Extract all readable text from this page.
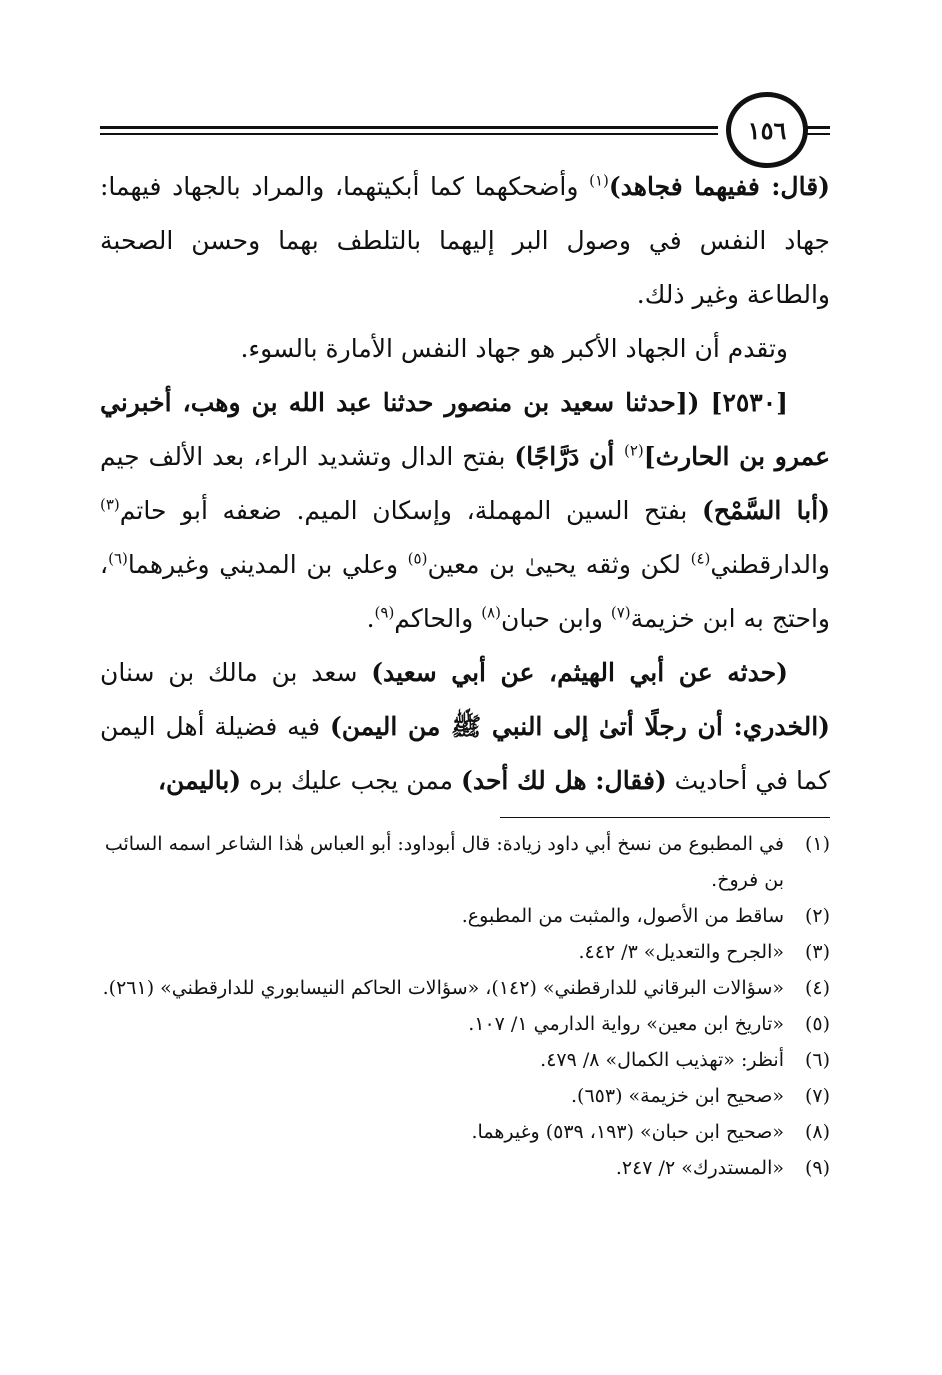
١٥٦

(قال: ففيهما فجاهد)$^{(١)}$ وأضحكهما كما أبكيتهما، والمراد بالجهاد فيهما: جهاد النفس في وصول البر إليهما بالتلطف بهما وحسن الصحبة والطاعة وغير ذلك.

وتقدم أن الجهاد الأكبر هو جهاد النفس الأمارة بالسوء.

[٢٥٣٠] ([حدثنا سعيد بن منصور حدثنا عبد الله بن وهب، أخبرني عمرو بن الحارث]$^{(٢)}$ أن دَرَّاجًا) بفتح الدال وتشديد الراء، بعد الألف جيم (أبا السَّمْح) بفتح السين المهملة، وإسكان الميم. ضعفه أبو حاتم$^{(٣)}$ والدارقطني$^{(٤)}$ لكن وثقه يحيىٰ بن معين$^{(٥)}$ وعلي بن المديني وغيرهما$^{(٦)}$، واحتج به ابن خزيمة$^{(٧)}$ وابن حبان$^{(٨)}$ والحاكم$^{(٩)}$.

(حدثه عن أبي الهيثم، عن أبي سعيد) سعد بن مالك بن سنان (الخدري: أن رجلًا أتىٰ إلى النبي ﷺ من اليمن) فيه فضيلة أهل اليمن كما في أحاديث (فقال: هل لك أحد) ممن يجب عليك بره (باليمن،

(١)
في المطبوع من نسخ أبي داود زيادة: قال أبوداود: أبو العباس هٰذا الشاعر اسمه السائب بن فروخ.
(٢)
ساقط من الأصول، والمثبت من المطبوع.
(٣)
«الجرح والتعديل» ٣/ ٤٤٢.
(٤)
«سؤالات البرقاني للدارقطني» (١٤٢)، «سؤالات الحاكم النيسابوري للدارقطني» (٢٦١).
(٥)
«تاريخ ابن معين» رواية الدارمي ١/ ١٠٧.
(٦)
أنظر: «تهذيب الكمال» ٨/ ٤٧٩.
(٧)
«صحيح ابن خزيمة» (٦٥٣).
(٨)
«صحيح ابن حبان» (١٩٣، ٥٣٩) وغيرهما.
(٩)
«المستدرك» ٢/ ٢٤٧.
